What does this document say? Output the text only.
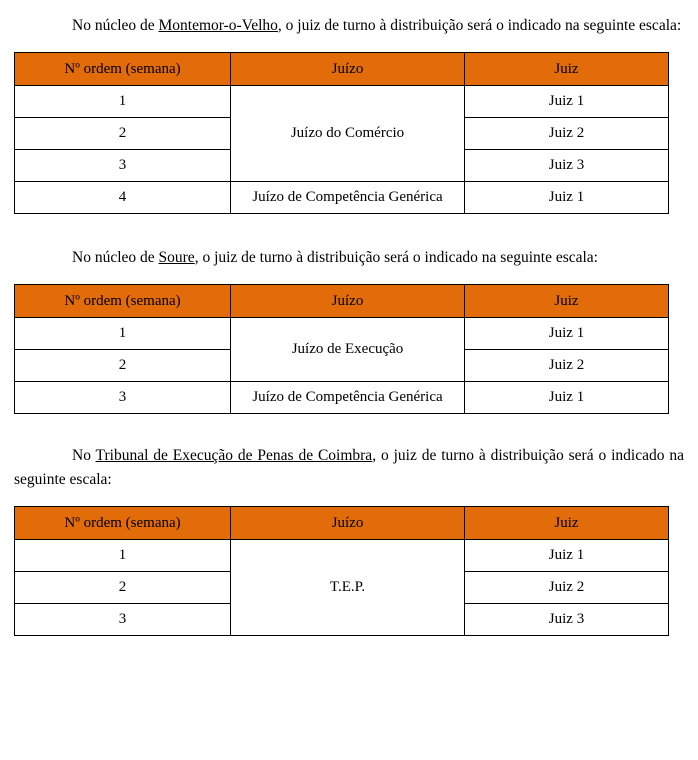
No núcleo de Montemor-o-Velho, o juiz de turno à distribuição será o indicado na seguinte escala:

Nº ordem (semana)	Juízo	Juiz
1	Juízo do Comércio	Juiz 1
2		Juiz 2
3		Juiz 3
4	Juízo de Competência Genérica	Juiz 1

No núcleo de Soure, o juiz de turno à distribuição será o indicado na seguinte escala:

Nº ordem (semana)	Juízo	Juiz
1	Juízo de Execução	Juiz 1
2		Juiz 2
3	Juízo de Competência Genérica	Juiz 1

No Tribunal de Execução de Penas de Coimbra, o juiz de turno à distribuição será o indicado na seguinte escala:

Nº ordem (semana)	Juízo	Juiz
1	T.E.P.	Juiz 1
2		Juiz 2
3		Juiz 3
